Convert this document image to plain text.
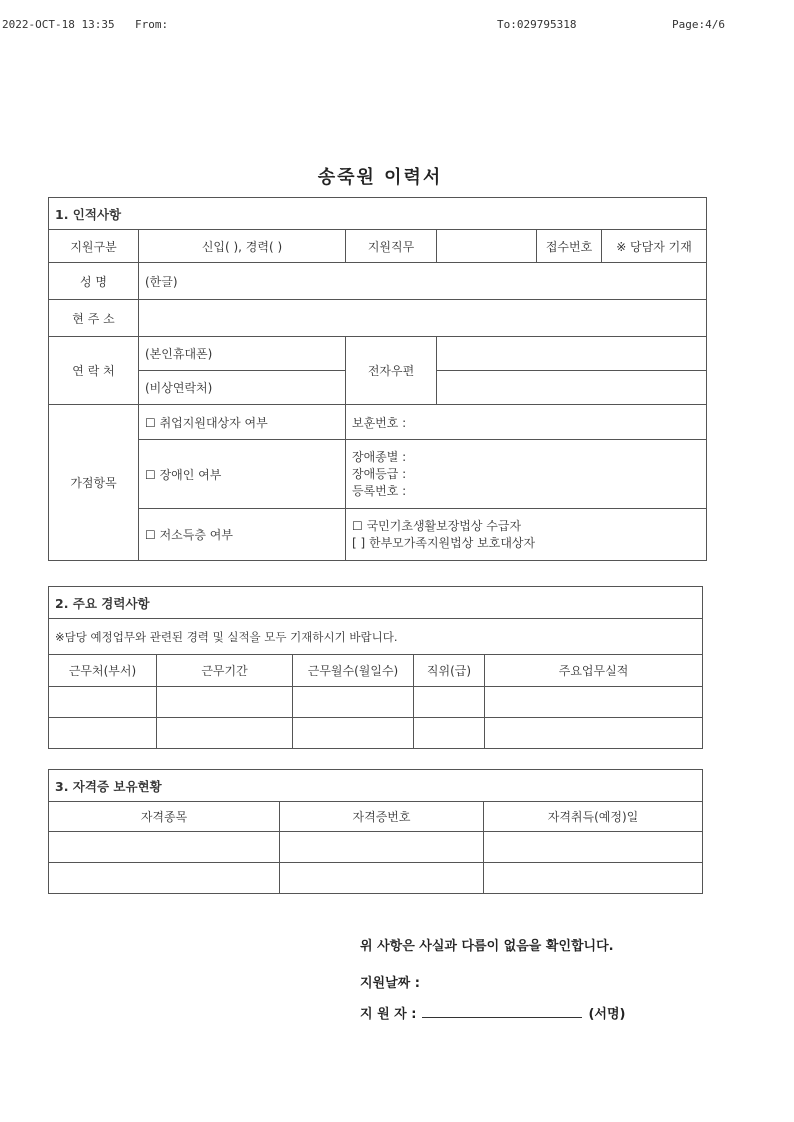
2022-OCT-18 13:35 From:	To:029795318	Page:4/6
송죽원 이력서
1. 인적사항					
지원구분	신입( ), 경력( )	지원직무		접수번호	※ 당담자 기재
성 명	(한글)				
현 주 소					
연 락 처	(본인휴대폰)	전자우편			
	(비상연락처)				
가점항목	☐ 취업지원대상자 여부	보훈번호 :			
	☐ 장애인 여부	장애종별 :
장애등급 :
등록번호 :			

	☐ 저소득층 여부	☐ 국민기초생활보장법상 수급자
[ ] 한부모가족지원법상 보호대상자			
2. 주요 경력사항				
※담당 예정업무와 관련된 경력 및 실적을 모두 기재하시기 바랍니다.				
근무처(부서)	근무기간	근무월수(월일수)	직위(급)	주요업무실적

3. 자격증 보유현황		
자격종목	자격증번호	자격취득(예정)일

위 사항은 사실과 다름이 없음을 확인합니다.
지원날짜 :
지 원 자 :	(서명)
